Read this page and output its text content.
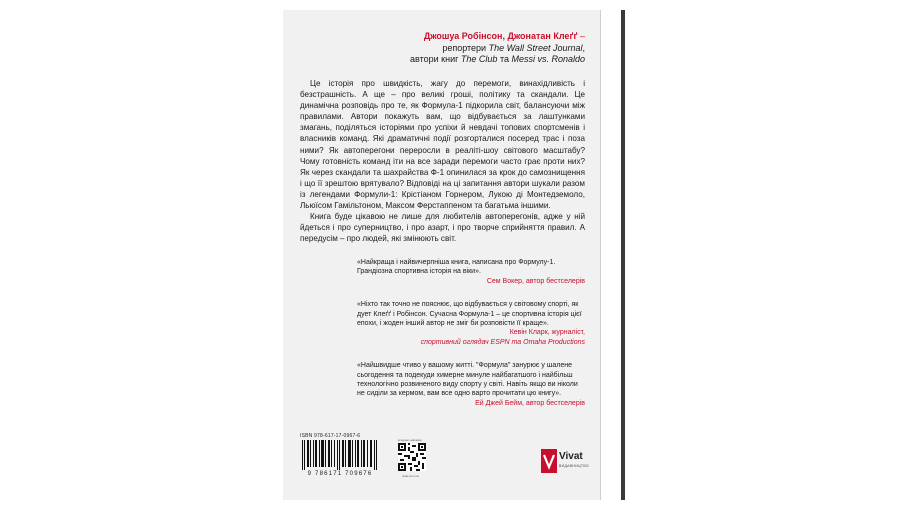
Джошуа Робінсон, Джонатан Клеґґ –
репортери The Wall Street Journal,
автори книг The Club та Messi vs. Ronaldo

Це історія про швидкість, жагу до перемоги, винахідливість і безстрашність. А ще – про великі гроші, політику та скандали. Це динамічна розповідь про те, як Формула-1 підкорила світ, балансуючи між правилами. Автори покажуть вам, що відбувається за лаштунками змагань, поділяться історіями про успіхи й невдачі топових спортсменів і власників команд. Які драматичні події розгорталися посеред трас і поза ними? Як автоперегони переросли в реаліті-шоу світового масштабу? Чому готовність команд іти на все заради перемоги часто грає проти них? Як через скандали та шахрайства Ф-1 опинилася за крок до самознищення і що її зрештою врятувало? Відповіді на ці запитання автори шукали разом із легендами Формули-1: Крістіаном Горнером, Лукою ді Монтедземоло, Льюїсом Гамільтоном, Максом Ферстаппеном та багатьма іншими.

Книга буде цікавою не лише для любителів автоперегонів, адже у ній йдеться і про суперництво, і про азарт, і про творче сприйняття правил. А передусім – про людей, які змінюють світ.

«Найкраща і найвичерпніша книга, написана про Формулу-1. Грандіозна спортивна історія на віки».
Сем Вокер, автор бестселерів
«Ніхто так точно не пояснює, що відбувається у світовому спорті, як дует Клеґґ і Робінсон. Сучасна Формула-1 – це спортивна історія цієї епохи, і жоден інший автор не зміг би розповісти її краще».
Кевін Кларк, журналіст,
спортивний оглядач ESPN та Omaha Productions
«Найшвидше чтиво у вашому житті. "Формула" занурює у шалене сьогодення та подекуди химерне минуле найбагатшого і найбільш технологічно розвиненого виду спорту у світі. Навіть якщо ви ніколи не сиділи за кермом, вам все одно варто прочитати цю книгу».
Ей Джей Бейм, автор бестселерів
ISBN 978-617-17-0967-6
9 786171 709676
інтернет-магазин
vivat.com.ua
Vivat
ВИДАВНИЦТВО
